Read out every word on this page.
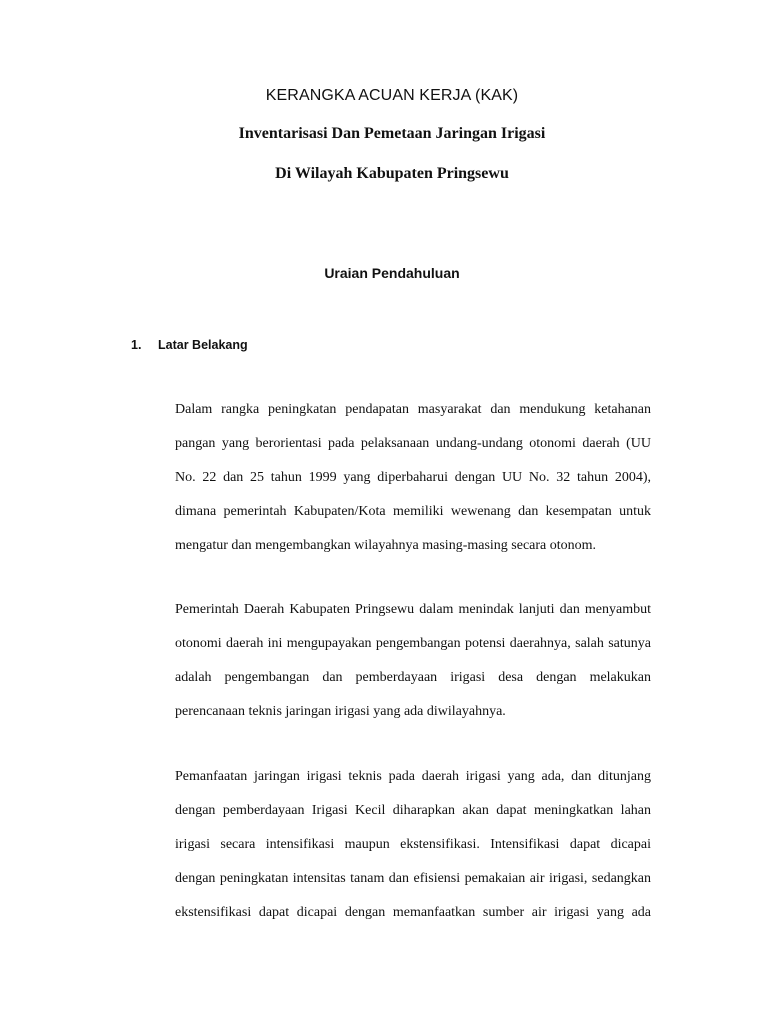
KERANGKA ACUAN KERJA (KAK)
Inventarisasi Dan Pemetaan Jaringan Irigasi
Di Wilayah Kabupaten Pringsewu
Uraian Pendahuluan
1. Latar Belakang
Dalam rangka peningkatan pendapatan masyarakat dan mendukung ketahanan
pangan yang berorientasi pada pelaksanaan undang-undang otonomi daerah (UU
No. 22 dan 25 tahun 1999 yang diperbaharui dengan UU No. 32 tahun 2004),
dimana pemerintah Kabupaten/Kota memiliki wewenang dan kesempatan untuk
mengatur dan mengembangkan wilayahnya masing-masing secara otonom.
Pemerintah Daerah Kabupaten Pringsewu dalam menindak lanjuti dan menyambut
otonomi daerah ini mengupayakan pengembangan potensi daerahnya, salah satunya
adalah pengembangan dan pemberdayaan irigasi desa dengan melakukan
perencanaan teknis jaringan irigasi yang ada diwilayahnya.
Pemanfaatan jaringan irigasi teknis pada daerah irigasi yang ada, dan ditunjang
dengan pemberdayaan Irigasi Kecil diharapkan akan dapat meningkatkan lahan
irigasi secara intensifikasi maupun ekstensifikasi. Intensifikasi dapat dicapai
dengan peningkatan intensitas tanam dan efisiensi pemakaian air irigasi, sedangkan
ekstensifikasi dapat dicapai dengan memanfaatkan sumber air irigasi yang ada
